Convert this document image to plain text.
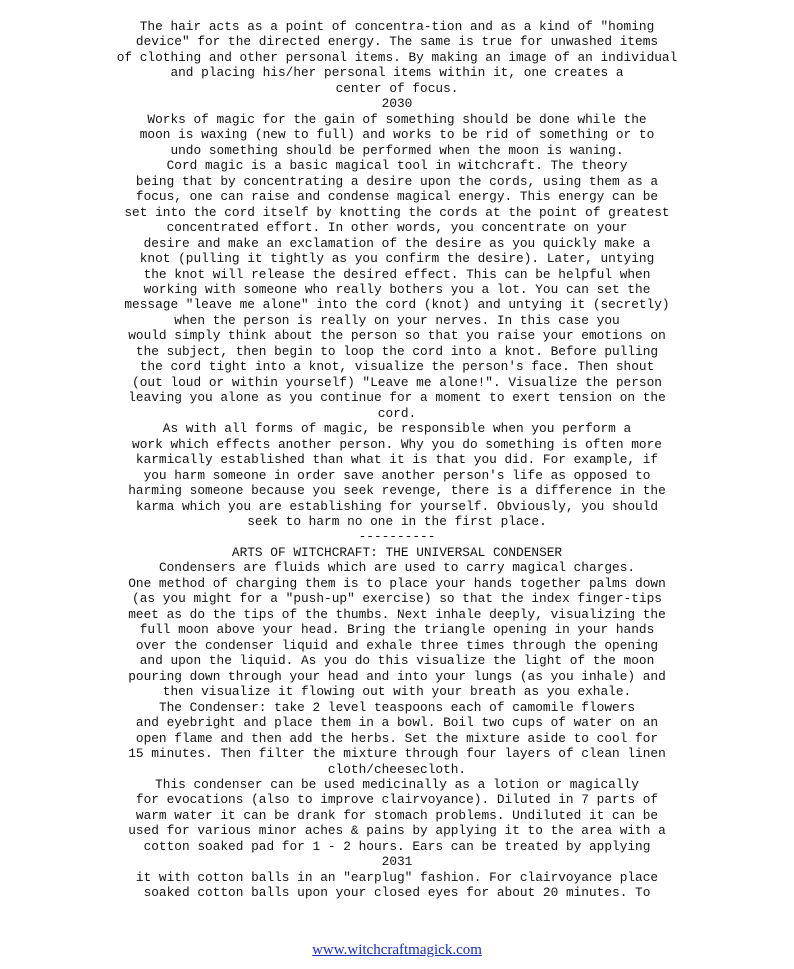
The hair acts as a point of concentra-tion and as a kind of "homing
device" for the directed energy. The same is true for unwashed items
of clothing and other personal items. By making an image of an individual
and placing his/her personal items within it, one creates a
center of focus.
2030
Works of magic for the gain of something should be done while the
moon is waxing (new to full) and works to be rid of something or to
undo something should be performed when the moon is waning.
Cord magic is a basic magical tool in witchcraft. The theory
being that by concentrating a desire upon the cords, using them as a
focus, one can raise and condense magical energy. This energy can be
set into the cord itself by knotting the cords at the point of greatest
concentrated effort. In other words, you concentrate on your
desire and make an exclamation of the desire as you quickly make a
knot (pulling it tightly as you confirm the desire). Later, untying
the knot will release the desired effect. This can be helpful when
working with someone who really bothers you a lot. You can set the
message "leave me alone" into the cord (knot) and untying it (secretly)
when the person is really on your nerves. In this case you
would simply think about the person so that you raise your emotions on
the subject, then begin to loop the cord into a knot. Before pulling
the cord tight into a knot, visualize the person's face. Then shout
(out loud or within yourself) "Leave me alone!". Visualize the person
leaving you alone as you continue for a moment to exert tension on the
cord.
As with all forms of magic, be responsible when you perform a
work which effects another person. Why you do something is often more
karmically established than what it is that you did. For example, if
you harm someone in order save another person's life as opposed to
harming someone because you seek revenge, there is a difference in the
karma which you are establishing for yourself. Obviously, you should
seek to harm no one in the first place.
----------
ARTS OF WITCHCRAFT: THE UNIVERSAL CONDENSER
Condensers are fluids which are used to carry magical charges.
One method of charging them is to place your hands together palms down
(as you might for a "push-up" exercise) so that the index finger-tips
meet as do the tips of the thumbs. Next inhale deeply, visualizing the
full moon above your head. Bring the triangle opening in your hands
over the condenser liquid and exhale three times through the opening
and upon the liquid. As you do this visualize the light of the moon
pouring down through your head and into your lungs (as you inhale) and
then visualize it flowing out with your breath as you exhale.
The Condenser: take 2 level teaspoons each of camomile flowers
and eyebright and place them in a bowl. Boil two cups of water on an
open flame and then add the herbs. Set the mixture aside to cool for
15 minutes. Then filter the mixture through four layers of clean linen
cloth/cheesecloth.
This condenser can be used medicinally as a lotion or magically
for evocations (also to improve clairvoyance). Diluted in 7 parts of
warm water it can be drank for stomach problems. Undiluted it can be
used for various minor aches & pains by applying it to the area with a
cotton soaked pad for 1 - 2 hours. Ears can be treated by applying
2031
it with cotton balls in an "earplug" fashion. For clairvoyance place
soaked cotton balls upon your closed eyes for about 20 minutes. To
www.witchcraftmagick.com
